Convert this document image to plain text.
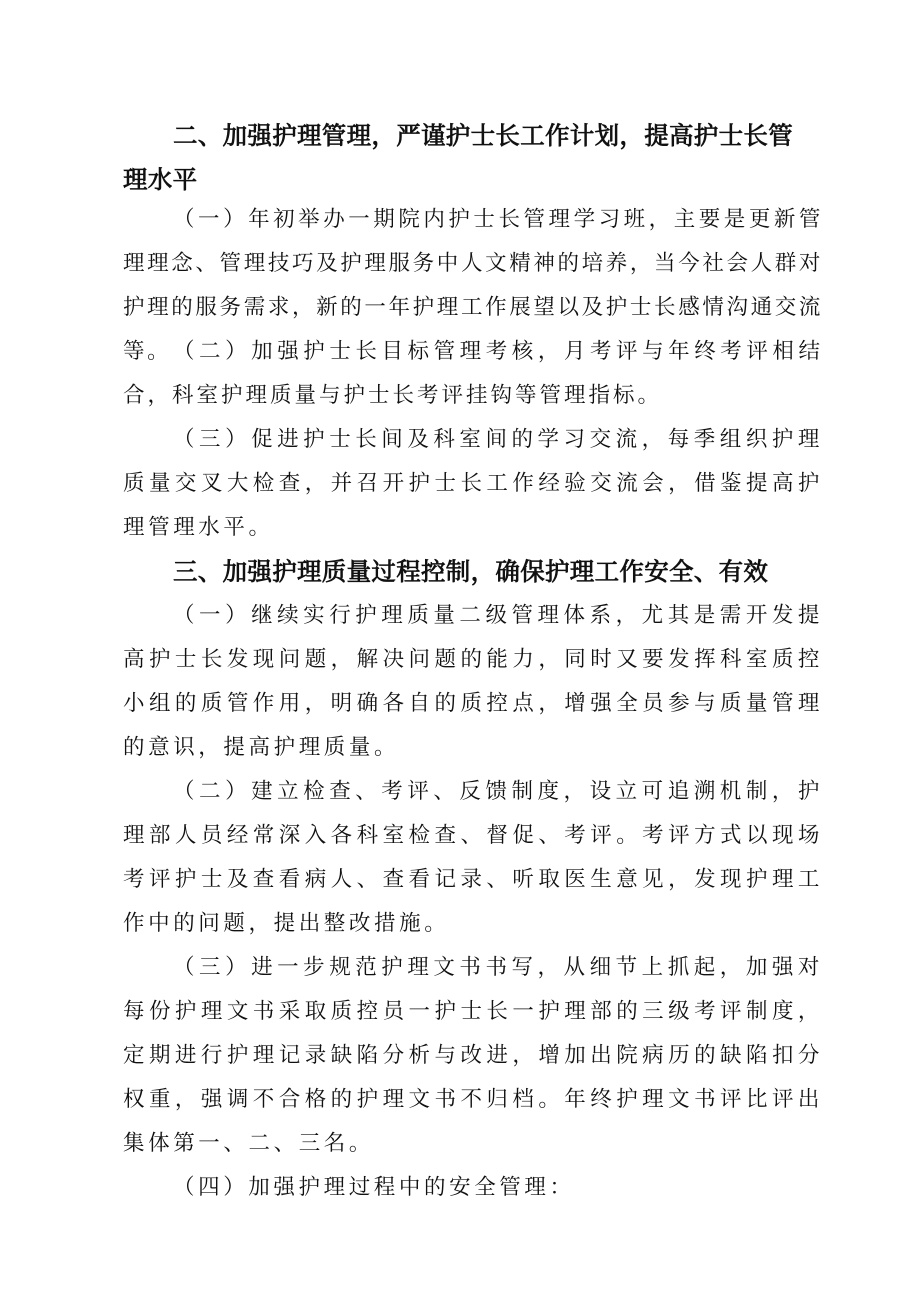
二、加强护理管理，严谨护士长工作计划，提高护士长管理水平

（一）年初举办一期院内护士长管理学习班，主要是更新管理理念、管理技巧及护理服务中人文精神的培养，当今社会人群对护理的服务需求，新的一年护理工作展望以及护士长感情沟通交流等。 （二）加强护士长目标管理考核，月考评与年终考评相结合，科室护理质量与护士长考评挂钩等管理指标。

（三）促进护士长间及科室间的学习交流，每季组织护理质量交叉大检查，并召开护士长工作经验交流会，借鉴提高护理管理水平。

三、加强护理质量过程控制，确保护理工作安全、有效

（一）继续实行护理质量二级管理体系，尤其是需开发提高护士长发现问题，解决问题的能力，同时又要发挥科室质控小组的质管作用，明确各自的质控点，增强全员参与质量管理的意识，提高护理质量。

（二）建立检查、考评、反馈制度，设立可追溯机制，护理部人员经常深入各科室检查、督促、考评。考评方式以现场考评护士及查看病人、查看记录、听取医生意见，发现护理工作中的问题，提出整改措施。

（三）进一步规范护理文书书写，从细节上抓起，加强对每份护理文书采取质控员一护士长一护理部的三级考评制度，定期进行护理记录缺陷分析与改进，增加出院病历的缺陷扣分权重，强调不合格的护理文书不归档。年终护理文书评比评出集体第一、二、三名。

（四）加强护理过程中的安全管理：
